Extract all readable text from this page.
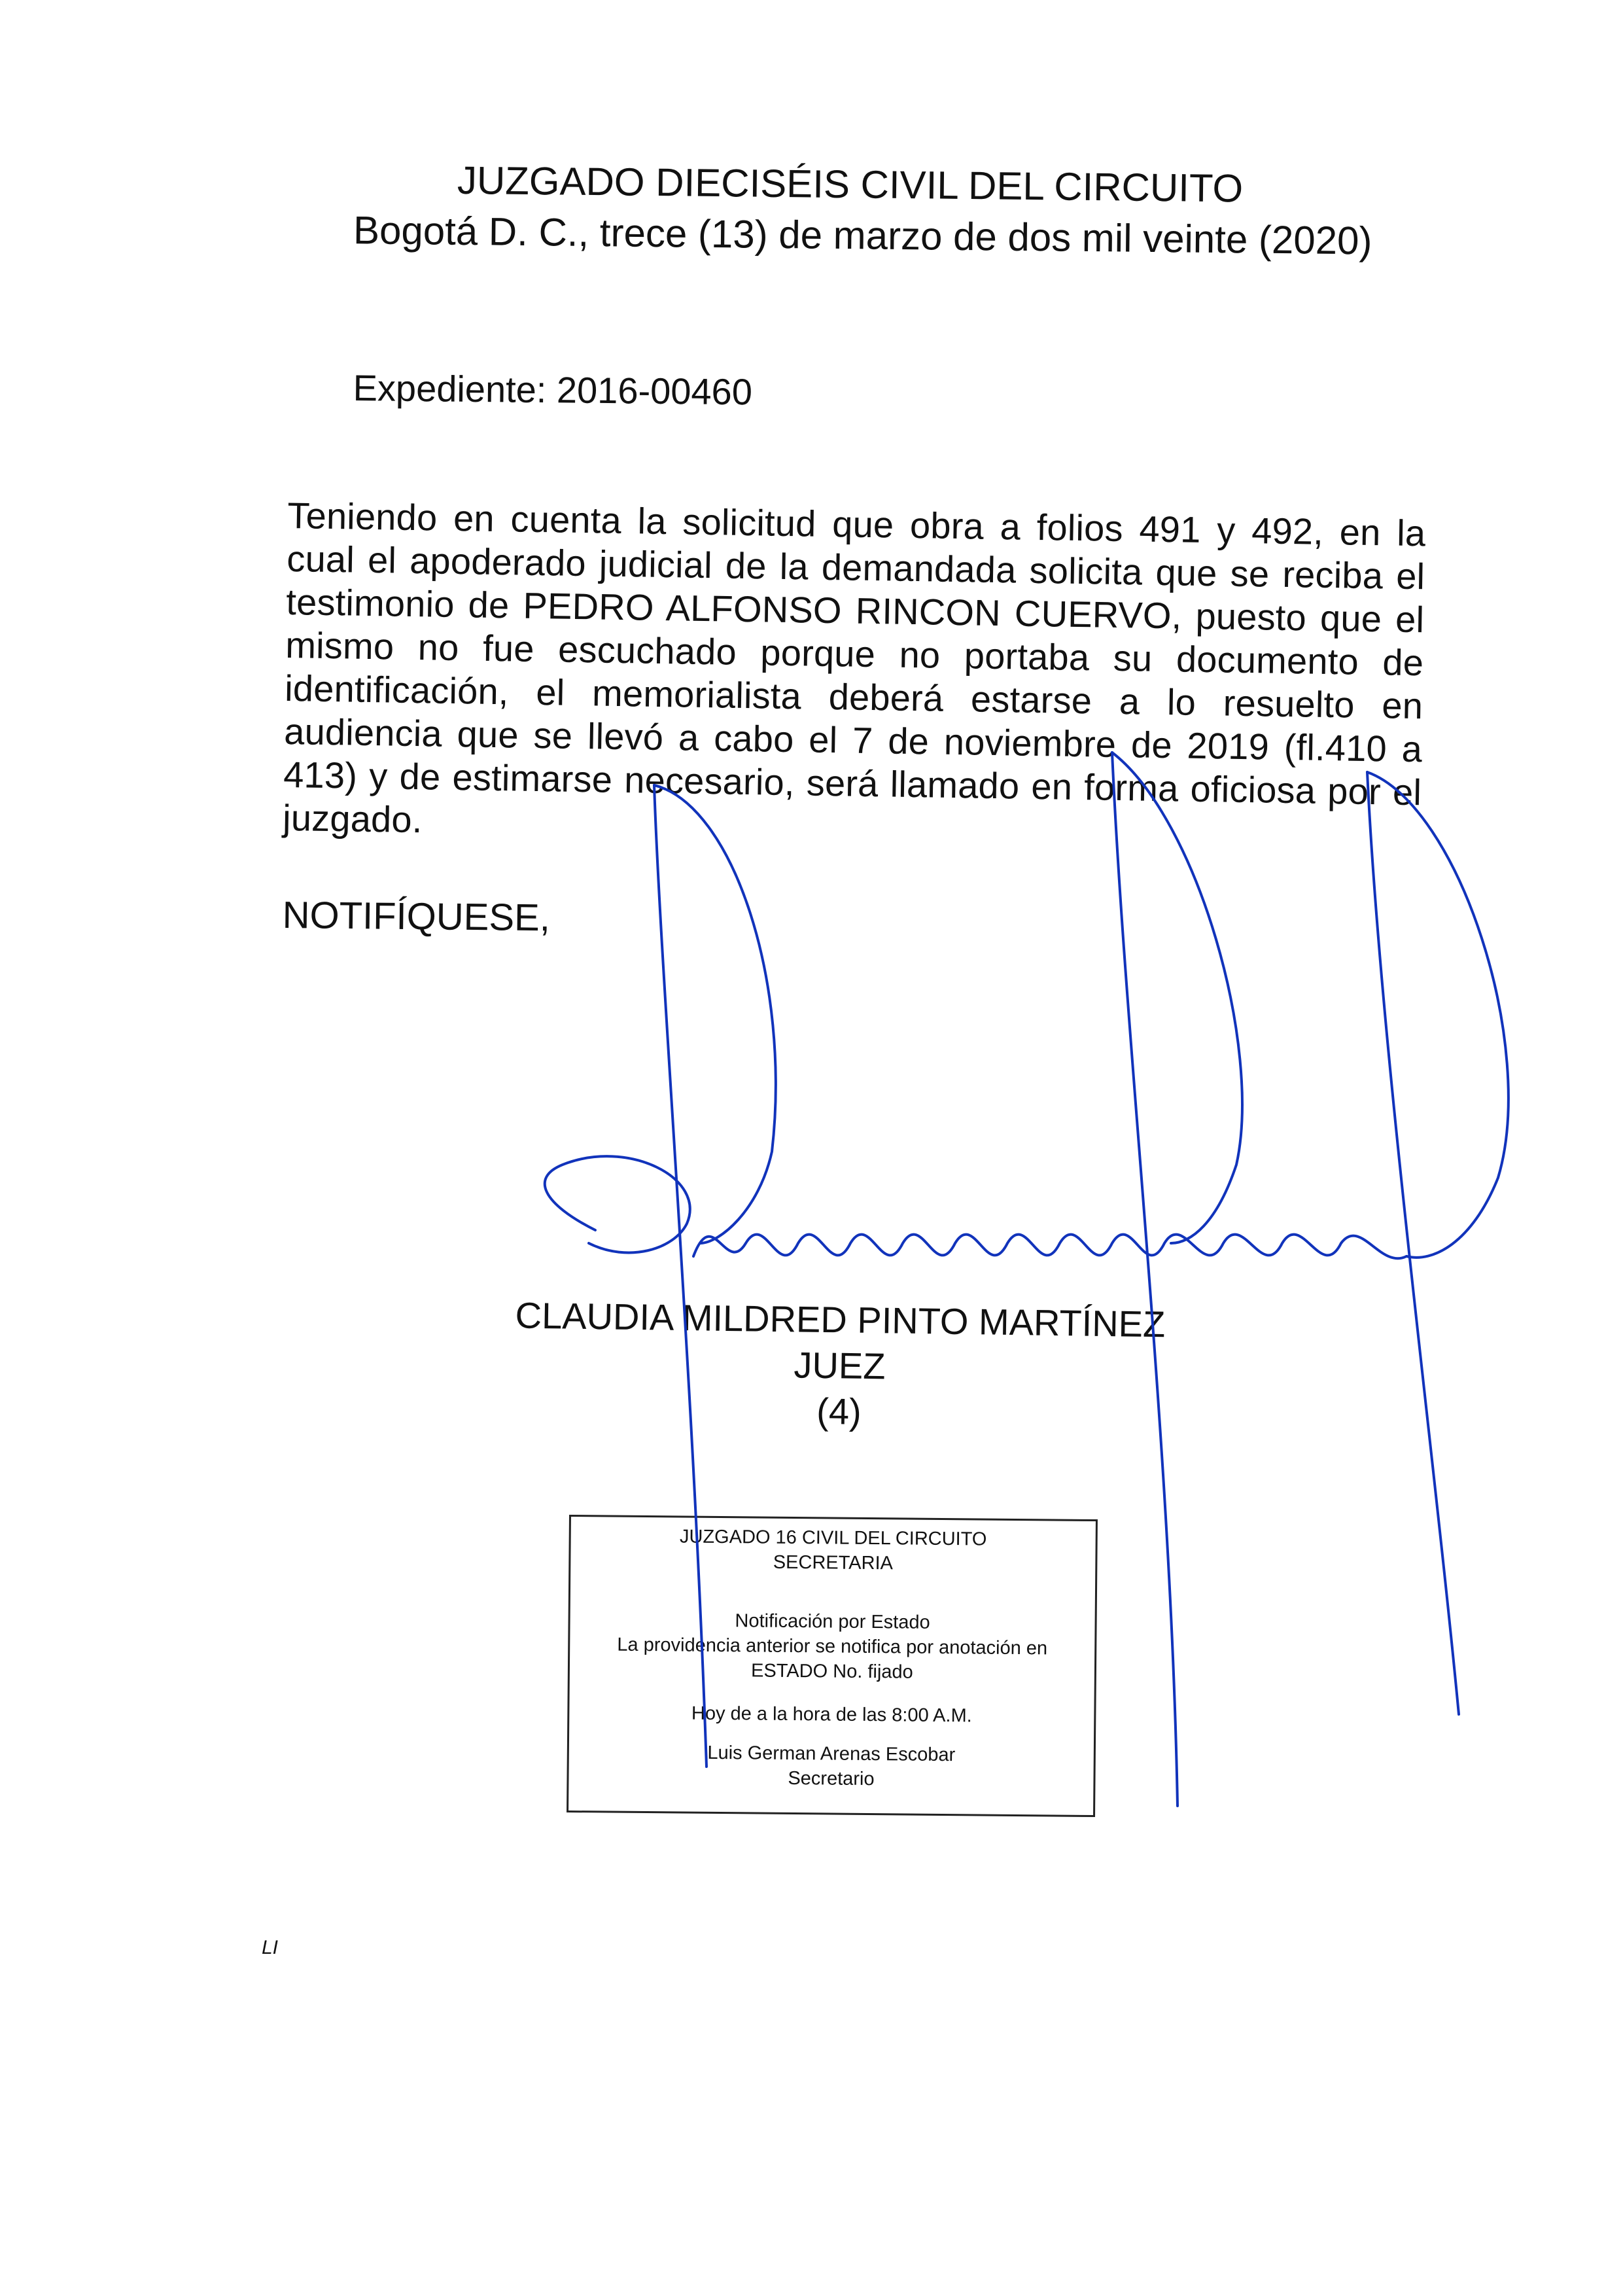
JUZGADO DIECISÉIS CIVIL DEL CIRCUITO
Bogotá D. C., trece (13) de marzo de dos mil veinte (2020)
Expediente: 2016-00460
Teniendo en cuenta la solicitud que obra a folios 491 y 492, en la cual el apoderado judicial de la demandada solicita que se reciba el testimonio de PEDRO ALFONSO RINCON CUERVO, puesto que el mismo no fue escuchado porque no portaba su documento de identificación, el memorialista deberá estarse a lo resuelto en audiencia que se llevó a cabo el 7 de noviembre de 2019 (fl.410 a 413) y de estimarse necesario, será llamado en forma oficiosa por el juzgado.
NOTIFÍQUESE,
CLAUDIA MILDRED PINTO MARTÍNEZ
JUEZ
(4)
JUZGADO 16 CIVIL DEL CIRCUITO
SECRETARIA
Notificación por Estado
La providencia anterior se notifica por anotación en
ESTADO No. fijado
Hoy de a la hora de las 8:00 A.M.
Luis German Arenas Escobar
Secretario
LI
